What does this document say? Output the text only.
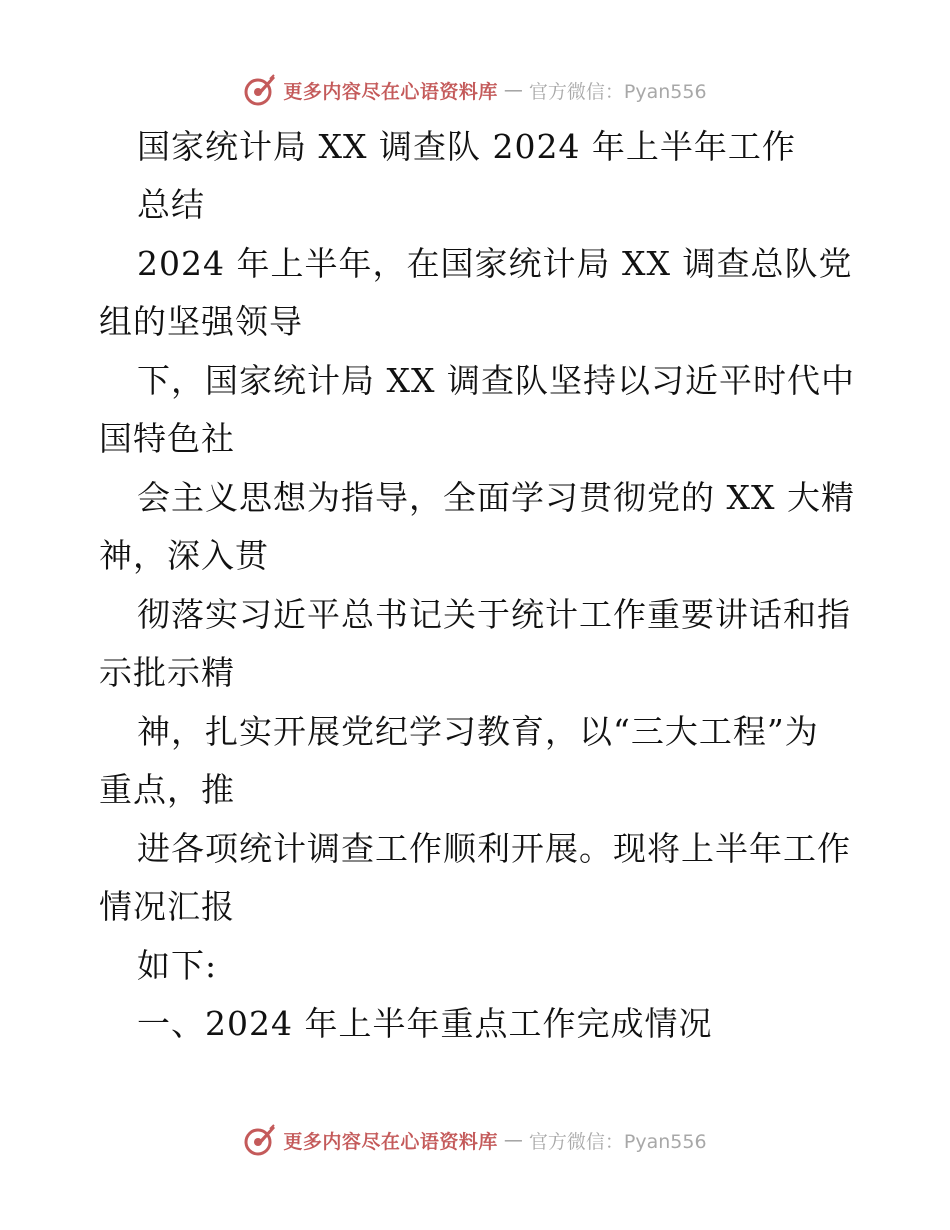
更多内容尽在心语资料库 — 官方微信：Pyan556
国家统计局 XX 调查队 2024 年上半年工作
总结
2024 年上半年，在国家统计局 XX 调查总队党
组的坚强领导
下，国家统计局 XX 调查队坚持以习近平时代中
国特色社
会主义思想为指导，全面学习贯彻党的 XX 大精
神，深入贯
彻落实习近平总书记关于统计工作重要讲话和指
示批示精
神，扎实开展党纪学习教育，以“三大工程”为
重点，推
进各项统计调查工作顺利开展。现将上半年工作
情况汇报
如下:
一、2024 年上半年重点工作完成情况
更多内容尽在心语资料库 — 官方微信：Pyan556
